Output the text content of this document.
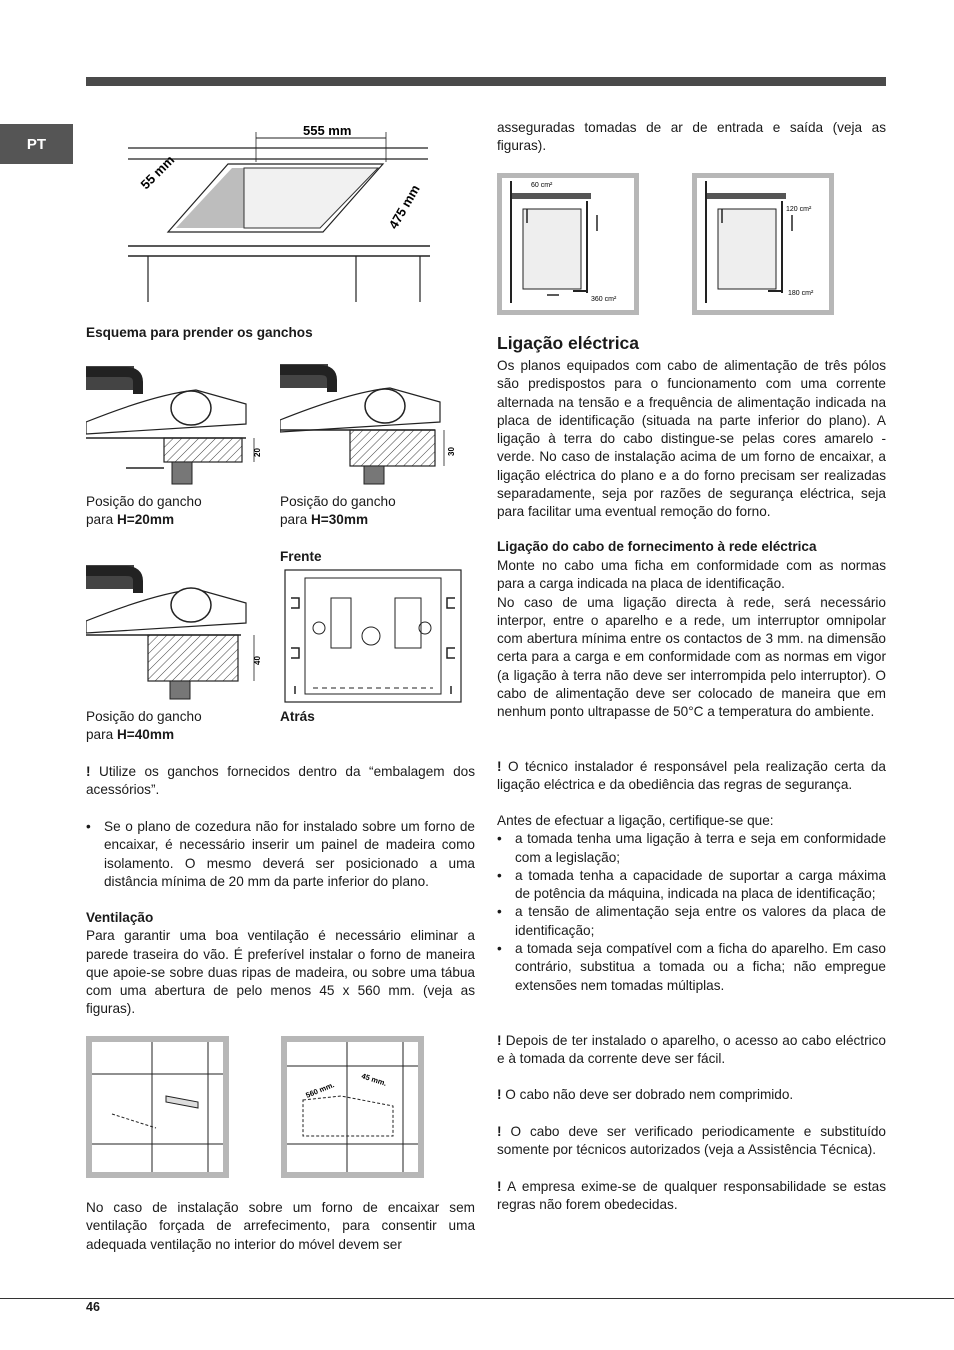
PT
555 mm
55 mm
475 mm
Esquema para prender os ganchos
20	30
40
Posição do gancho
para H=20mm
Posição do gancho
para H=30mm
Frente
Posição do gancho
para H=40mm
Atrás
! Utilize os ganchos fornecidos dentro da “embalagem dos acessórios”.
• Se o plano de cozedura não for instalado sobre um forno de encaixar, é necessário inserir um painel de madeira como isolamento. O mesmo deverá ser posicionado a uma distância mínima de 20 mm da parte inferior do plano.
Ventilação
Para garantir uma boa ventilação é necessário eliminar a parede traseira do vão. É preferível instalar o forno de maneira que apoie-se sobre duas ripas de madeira, ou sobre uma tábua com uma abertura de pelo menos 45 x 560 mm. (veja as figuras).
560 mm.
45 mm.
No caso de instalação sobre um forno de encaixar sem ventilação forçada de arrefecimento, para consentir uma adequada ventilação no interior do móvel devem ser
asseguradas tomadas de ar de entrada e saída (veja as figuras).
60 cm²
360 cm²
120 cm²
180 cm²
Ligação eléctrica
Os planos equipados com cabo de alimentação de três pólos são predispostos para o funcionamento com uma corrente alternada na tensão e a frequência de alimentação indicada na placa de identificação (situada na parte inferior do plano). A ligação à terra do cabo distingue-se pelas cores amarelo - verde. No caso de instalação acima de um forno de encaixar, a ligação eléctrica do plano e a do forno precisam ser realizadas separadamente, seja por razões de segurança eléctrica, seja para facilitar uma eventual remoção do forno.
Ligação do cabo de fornecimento à rede eléctrica

Monte no cabo uma ficha em conformidade com as normas para a carga indicada na placa de identificação.

No caso de uma ligação directa à rede, será necessário interpor, entre o aparelho e a rede, um interruptor omnipolar com abertura mínima entre os contactos de 3 mm. na dimensão certa para a carga e em conformidade com as normas em vigor (a ligação à terra não deve ser interrompida pelo interruptor). O cabo de alimentação deve ser colocado de maneira que em nenhum ponto ultrapasse de 50°C a temperatura do ambiente.

! O técnico instalador é responsável pela realização certa da ligação eléctrica e da obediência das regras de segurança.

Antes de efectuar a ligação, certifique-se que:

• a tomada tenha uma ligação à terra e seja em conformidade com a legislação;
• a tomada tenha a capacidade de suportar a carga máxima de potência da máquina, indicada na placa de identificação;
• a tensão de alimentação seja entre os valores da placa de identificação;
• a tomada seja compatível com a ficha do aparelho. Em caso contrário, substitua a tomada ou a ficha; não empregue extensões nem tomadas múltiplas.
! Depois de ter instalado o aparelho, o acesso ao cabo eléctrico e à tomada da corrente deve ser fácil.
! O cabo não deve ser dobrado nem comprimido.
! O cabo deve ser verificado periodicamente e substituído somente por técnicos autorizados (veja a Assistência Técnica).
! A empresa exime-se de qualquer responsabilidade se estas regras não forem obedecidas.
46
